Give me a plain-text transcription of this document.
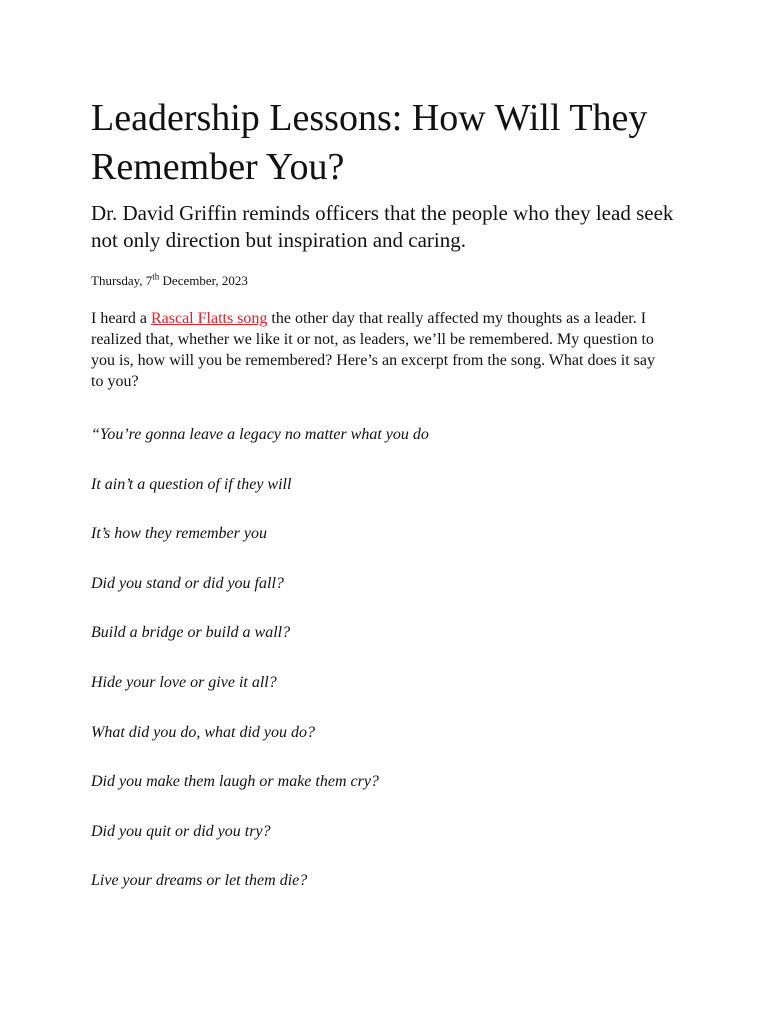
Leadership Lessons: How Will They Remember You?

Dr. David Griffin reminds officers that the people who they lead seek not only direction but inspiration and caring.

Thursday, 7th December, 2023

I heard a Rascal Flatts song the other day that really affected my thoughts as a leader. I realized that, whether we like it or not, as leaders, we’ll be remembered. My question to you is, how will you be remembered? Here’s an excerpt from the song. What does it say to you?

“You’re gonna leave a legacy no matter what you do
It ain’t a question of if they will
It’s how they remember you
Did you stand or did you fall?
Build a bridge or build a wall?
Hide your love or give it all?
What did you do, what did you do?
Did you make them laugh or make them cry?
Did you quit or did you try?
Live your dreams or let them die?
